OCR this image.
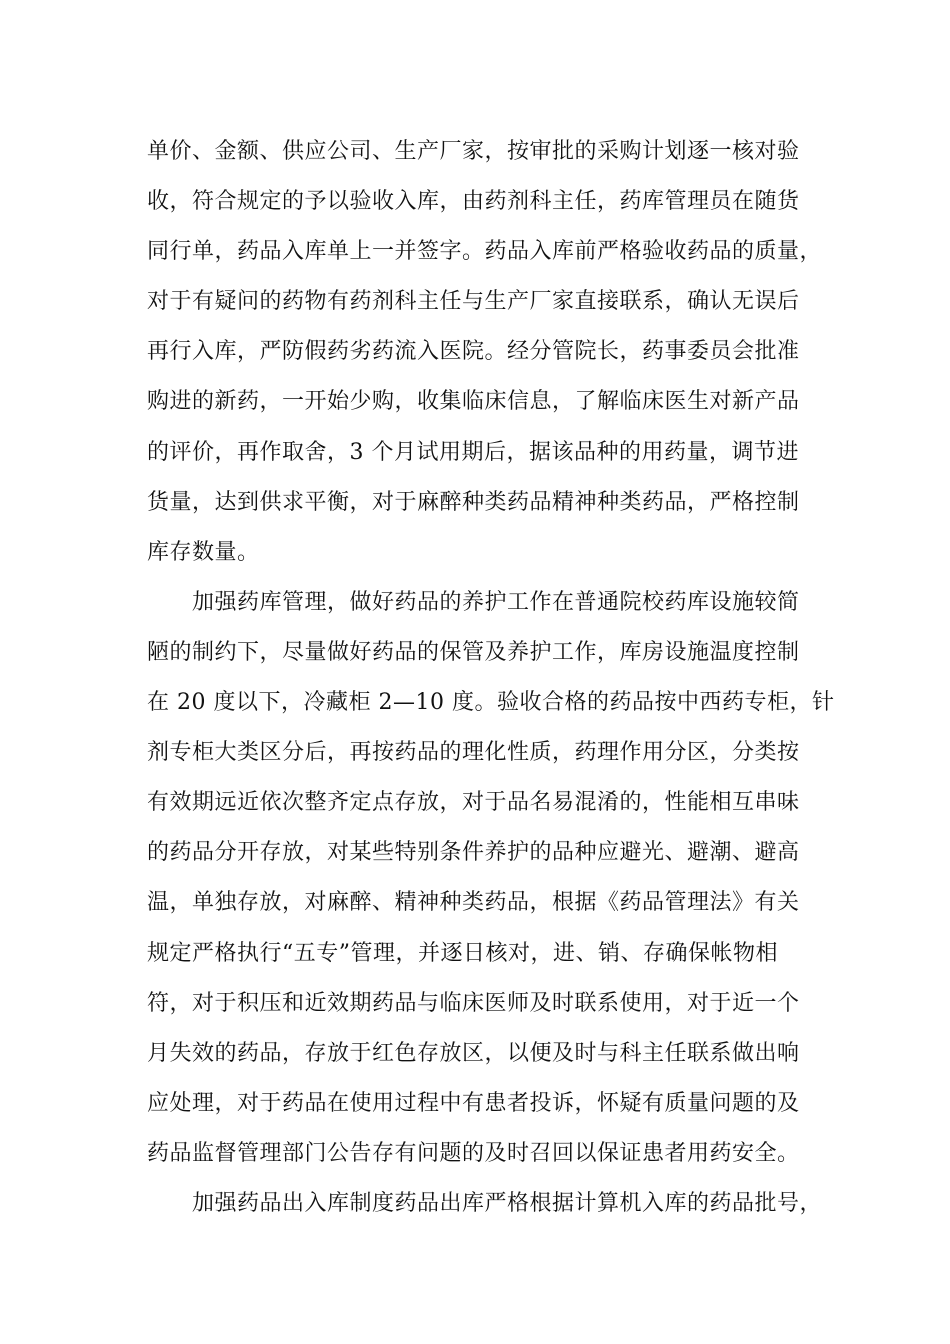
单价、金额、供应公司、生产厂家，按审批的采购计划逐一核对验
收，符合规定的予以验收入库，由药剂科主任，药库管理员在随货
同行单，药品入库单上一并签字。药品入库前严格验收药品的质量，
对于有疑问的药物有药剂科主任与生产厂家直接联系，确认无误后
再行入库，严防假药劣药流入医院。经分管院长，药事委员会批准
购进的新药，一开始少购，收集临床信息，了解临床医生对新产品
的评价，再作取舍，3 个月试用期后，据该品种的用药量，调节进
货量，达到供求平衡，对于麻醉种类药品精神种类药品，严格控制
库存数量。
　　加强药库管理，做好药品的养护工作在普通院校药库设施较简
陋的制约下，尽量做好药品的保管及养护工作，库房设施温度控制
在 20 度以下，冷藏柜 2—10 度。验收合格的药品按中西药专柜，针
剂专柜大类区分后，再按药品的理化性质，药理作用分区，分类按
有效期远近依次整齐定点存放，对于品名易混淆的，性能相互串味
的药品分开存放，对某些特别条件养护的品种应避光、避潮、避高
温，单独存放，对麻醉、精神种类药品，根据《药品管理法》有关
规定严格执行“五专”管理，并逐日核对，进、销、存确保帐物相
符，对于积压和近效期药品与临床医师及时联系使用，对于近一个
月失效的药品，存放于红色存放区，以便及时与科主任联系做出响
应处理，对于药品在使用过程中有患者投诉，怀疑有质量问题的及
药品监督管理部门公告存有问题的及时召回以保证患者用药安全。
　　加强药品出入库制度药品出库严格根据计算机入库的药品批号，
